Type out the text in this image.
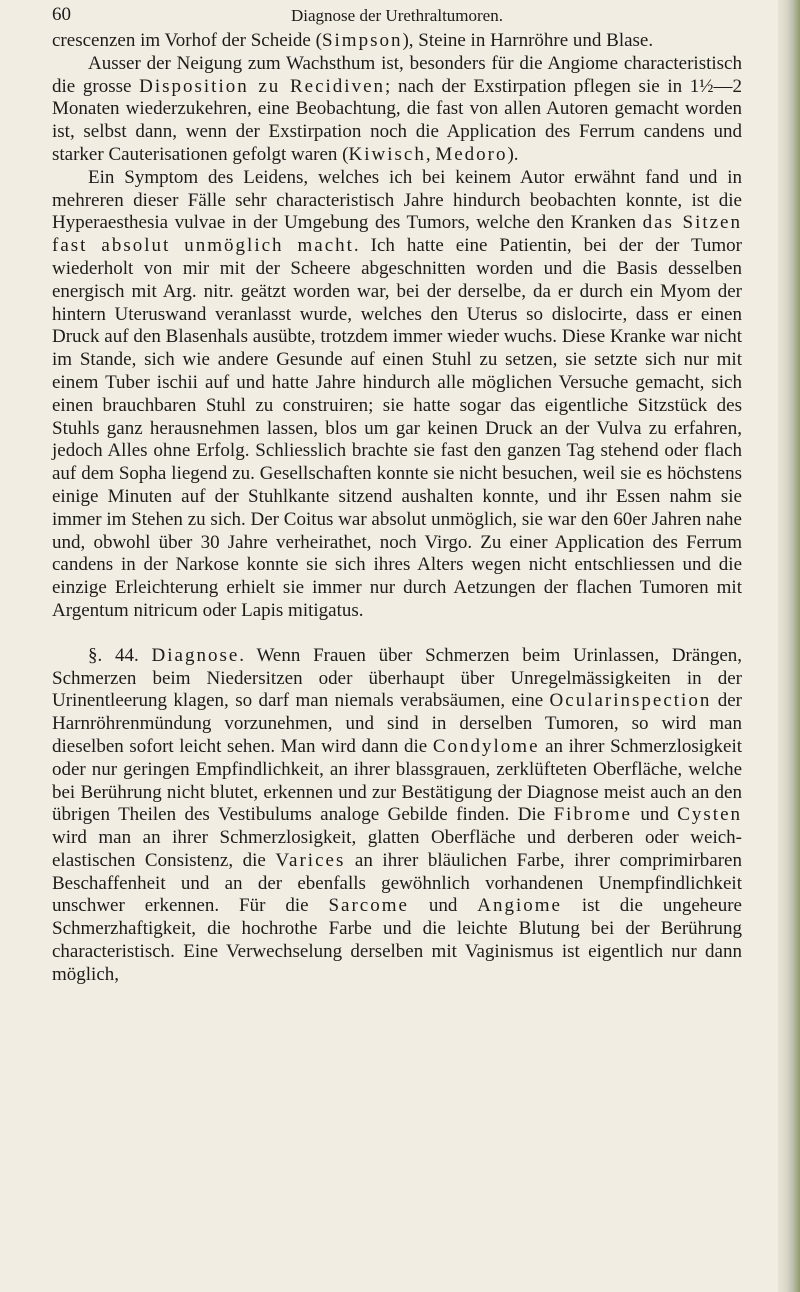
60	Diagnose der Urethraltumoren.

crescenzen im Vorhof der Scheide (Simpson), Steine in Harnröhre und Blase.

Ausser der Neigung zum Wachsthum ist, besonders für die Angiome characteristisch die grosse Disposition zu Recidiven; nach der Exstirpation pflegen sie in 1½—2 Monaten wiederzukehren, eine Beobachtung, die fast von allen Autoren gemacht worden ist, selbst dann, wenn der Exstirpation noch die Application des Ferrum candens und starker Cauterisationen gefolgt waren (Kiwisch, Medoro).

Ein Symptom des Leidens, welches ich bei keinem Autor erwähnt fand und in mehreren dieser Fälle sehr characteristisch Jahre hindurch beobachten konnte, ist die Hyperaesthesia vulvae in der Umgebung des Tumors, welche den Kranken das Sitzen fast absolut unmöglich macht. Ich hatte eine Patientin, bei der der Tumor wiederholt von mir mit der Scheere abgeschnitten worden und die Basis desselben energisch mit Arg. nitr. geätzt worden war, bei der derselbe, da er durch ein Myom der hintern Uteruswand veranlasst wurde, welches den Uterus so dislocirte, dass er einen Druck auf den Blasenhals ausübte, trotzdem immer wieder wuchs. Diese Kranke war nicht im Stande, sich wie andere Gesunde auf einen Stuhl zu setzen, sie setzte sich nur mit einem Tuber ischii auf und hatte Jahre hindurch alle möglichen Versuche gemacht, sich einen brauchbaren Stuhl zu construiren; sie hatte sogar das eigentliche Sitzstück des Stuhls ganz herausnehmen lassen, blos um gar keinen Druck an der Vulva zu erfahren, jedoch Alles ohne Erfolg. Schliesslich brachte sie fast den ganzen Tag stehend oder flach auf dem Sopha liegend zu. Gesellschaften konnte sie nicht besuchen, weil sie es höchstens einige Minuten auf der Stuhlkante sitzend aushalten konnte, und ihr Essen nahm sie immer im Stehen zu sich. Der Coitus war absolut unmöglich, sie war den 60er Jahren nahe und, obwohl über 30 Jahre verheirathet, noch Virgo. Zu einer Application des Ferrum candens in der Narkose konnte sie sich ihres Alters wegen nicht entschliessen und die einzige Erleichterung erhielt sie immer nur durch Aetzungen der flachen Tumoren mit Argentum nitricum oder Lapis mitigatus.

§. 44. Diagnose. Wenn Frauen über Schmerzen beim Urinlassen, Drängen, Schmerzen beim Niedersitzen oder überhaupt über Unregelmässigkeiten in der Urinentleerung klagen, so darf man niemals verabsäumen, eine Ocularinspection der Harnröhrenmündung vorzunehmen, und sind in derselben Tumoren, so wird man dieselben sofort leicht sehen. Man wird dann die Condylome an ihrer Schmerzlosigkeit oder nur geringen Empfindlichkeit, an ihrer blassgrauen, zerklüfteten Oberfläche, welche bei Berührung nicht blutet, erkennen und zur Bestätigung der Diagnose meist auch an den übrigen Theilen des Vestibulums analoge Gebilde finden. Die Fibrome und Cysten wird man an ihrer Schmerzlosigkeit, glatten Oberfläche und derberen oder weich-elastischen Consistenz, die Varices an ihrer bläulichen Farbe, ihrer comprimirbaren Beschaffenheit und an der ebenfalls gewöhnlich vorhandenen Unempfindlichkeit unschwer erkennen. Für die Sarcome und Angiome ist die ungeheure Schmerzhaftigkeit, die hochrothe Farbe und die leichte Blutung bei der Berührung characteristisch. Eine Verwechselung derselben mit Vaginismus ist eigentlich nur dann möglich,
